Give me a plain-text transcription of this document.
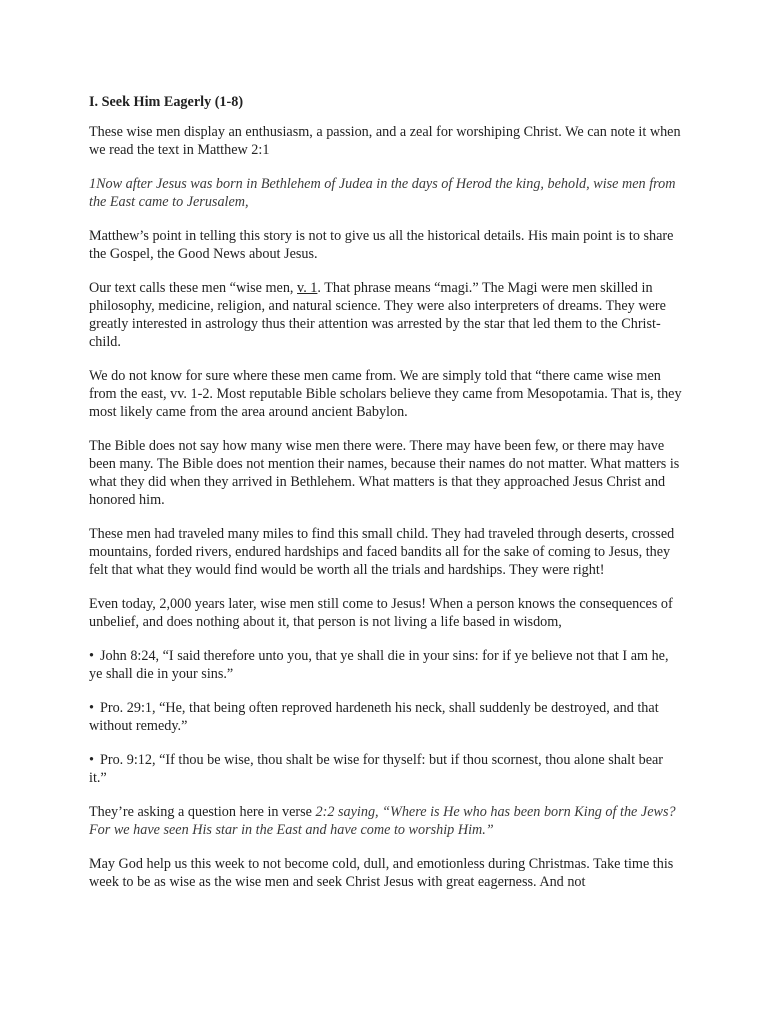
I. Seek Him Eagerly (1-8)

These wise men display an enthusiasm, a passion, and a zeal for worshiping Christ. We can note it when we read the text in Matthew 2:1

1Now after Jesus was born in Bethlehem of Judea in the days of Herod the king, behold, wise men from the East came to Jerusalem,

Matthew’s point in telling this story is not to give us all the historical details. His main point is to share the Gospel, the Good News about Jesus.

Our text calls these men “wise men, v. 1. That phrase means “magi.” The Magi were men skilled in philosophy, medicine, religion, and natural science. They were also interpreters of dreams. They were greatly interested in astrology thus their attention was arrested by the star that led them to the Christ-child.

We do not know for sure where these men came from. We are simply told that “there came wise men from the east, vv. 1-2. Most reputable Bible scholars believe they came from Mesopotamia. That is, they most likely came from the area around ancient Babylon.

The Bible does not say how many wise men there were. There may have been few, or there may have been many. The Bible does not mention their names, because their names do not matter. What matters is what they did when they arrived in Bethlehem. What matters is that they approached Jesus Christ and honored him.

These men had traveled many miles to find this small child. They had traveled through deserts, crossed mountains, forded rivers, endured hardships and faced bandits all for the sake of coming to Jesus, they felt that what they would find would be worth all the trials and hardships. They were right!

Even today, 2,000 years later, wise men still come to Jesus! When a person knows the consequences of unbelief, and does nothing about it, that person is not living a life based in wisdom,

• John 8:24, “I said therefore unto you, that ye shall die in your sins: for if ye believe not that I am he, ye shall die in your sins.”

• Pro. 29:1, “He, that being often reproved hardeneth his neck, shall suddenly be destroyed, and that without remedy.”

• Pro. 9:12, “If thou be wise, thou shalt be wise for thyself: but if thou scornest, thou alone shalt bear it.”

They’re asking a question here in verse 2:2 saying, “Where is He who has been born King of the Jews? For we have seen His star in the East and have come to worship Him.”

May God help us this week to not become cold, dull, and emotionless during Christmas. Take time this week to be as wise as the wise men and seek Christ Jesus with great eagerness. And not
